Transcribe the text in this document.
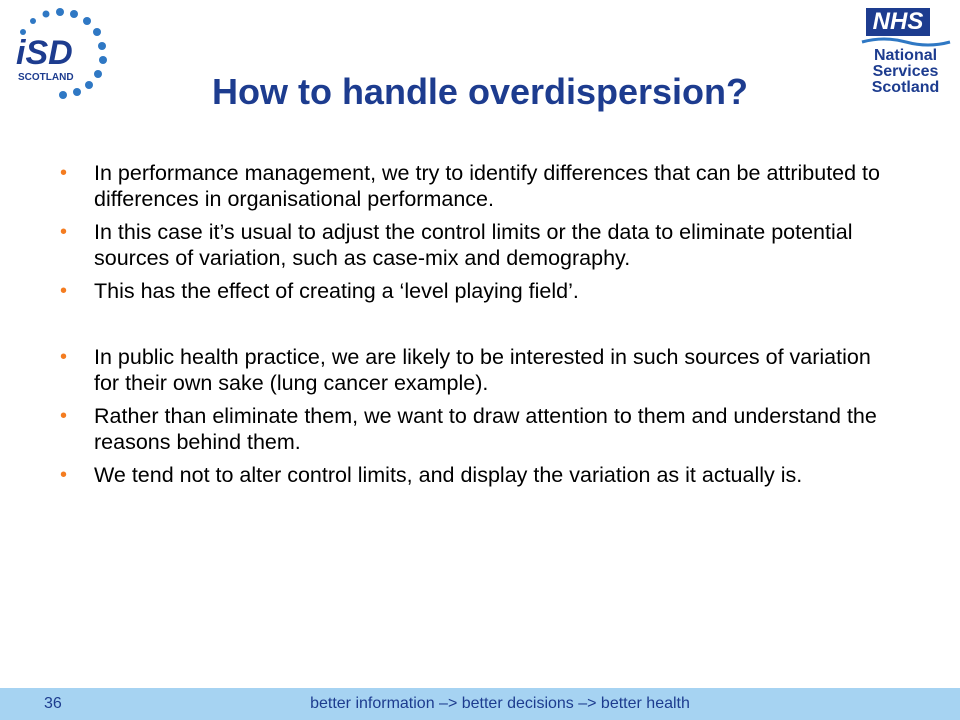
iSD
SCOTLAND
NHS
National
Services
Scotland
How to handle overdispersion?
• In performance management, we try to identify differences that can be attributed to differences in organisational performance.
• In this case it’s usual to adjust the control limits or the data to eliminate potential sources of variation, such as case-mix and demography.
• This has the effect of creating a ‘level playing field’.
• In public health practice, we are likely to be interested in such sources of variation for their own sake (lung cancer example).
• Rather than eliminate them, we want to draw attention to them and understand the reasons behind them.
• We tend not to alter control limits, and display the variation as it actually is.
36	better information –> better decisions –> better health
